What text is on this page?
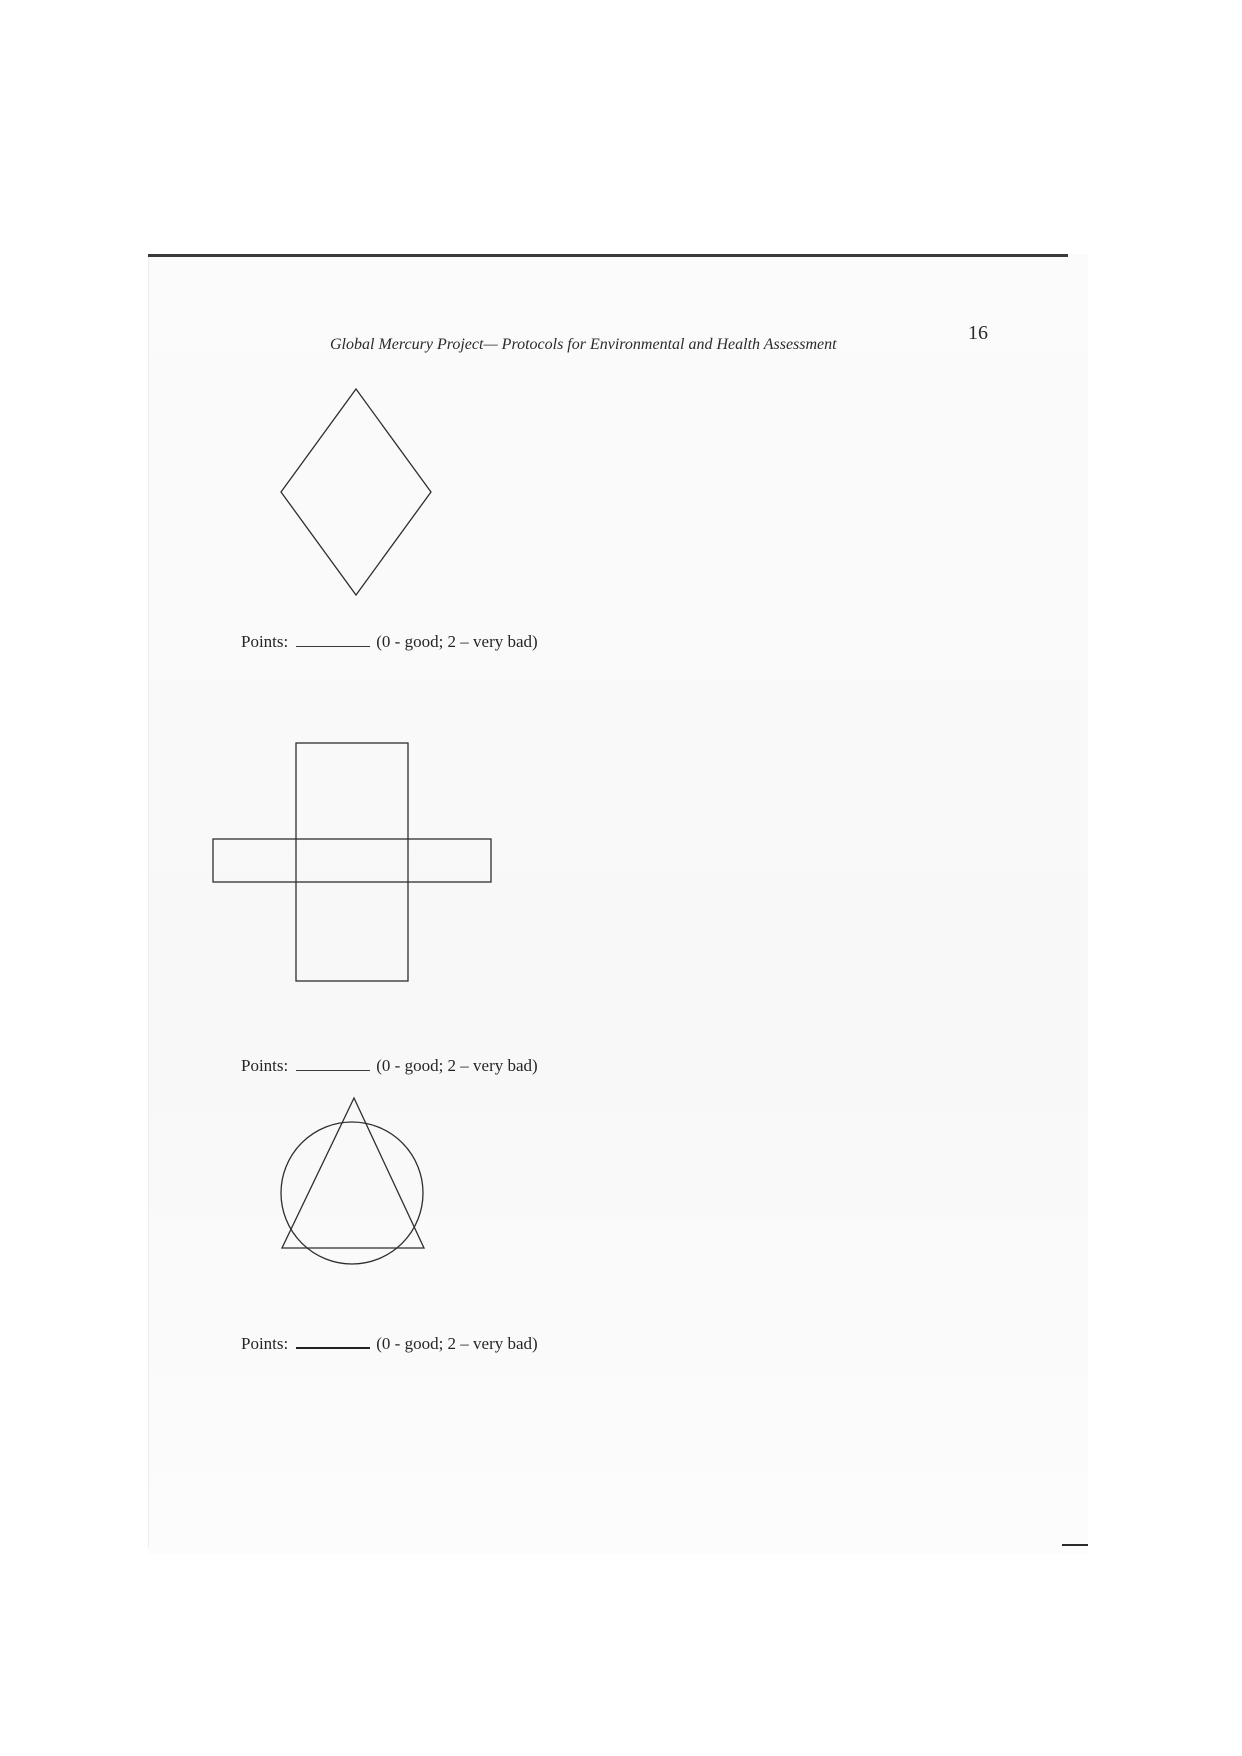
16
Global Mercury Project— Protocols for Environmental and Health Assessment
Points:	(0 - good; 2 – very bad)
Points:	(0 - good; 2 – very bad)
Points:	(0 - good; 2 – very bad)
